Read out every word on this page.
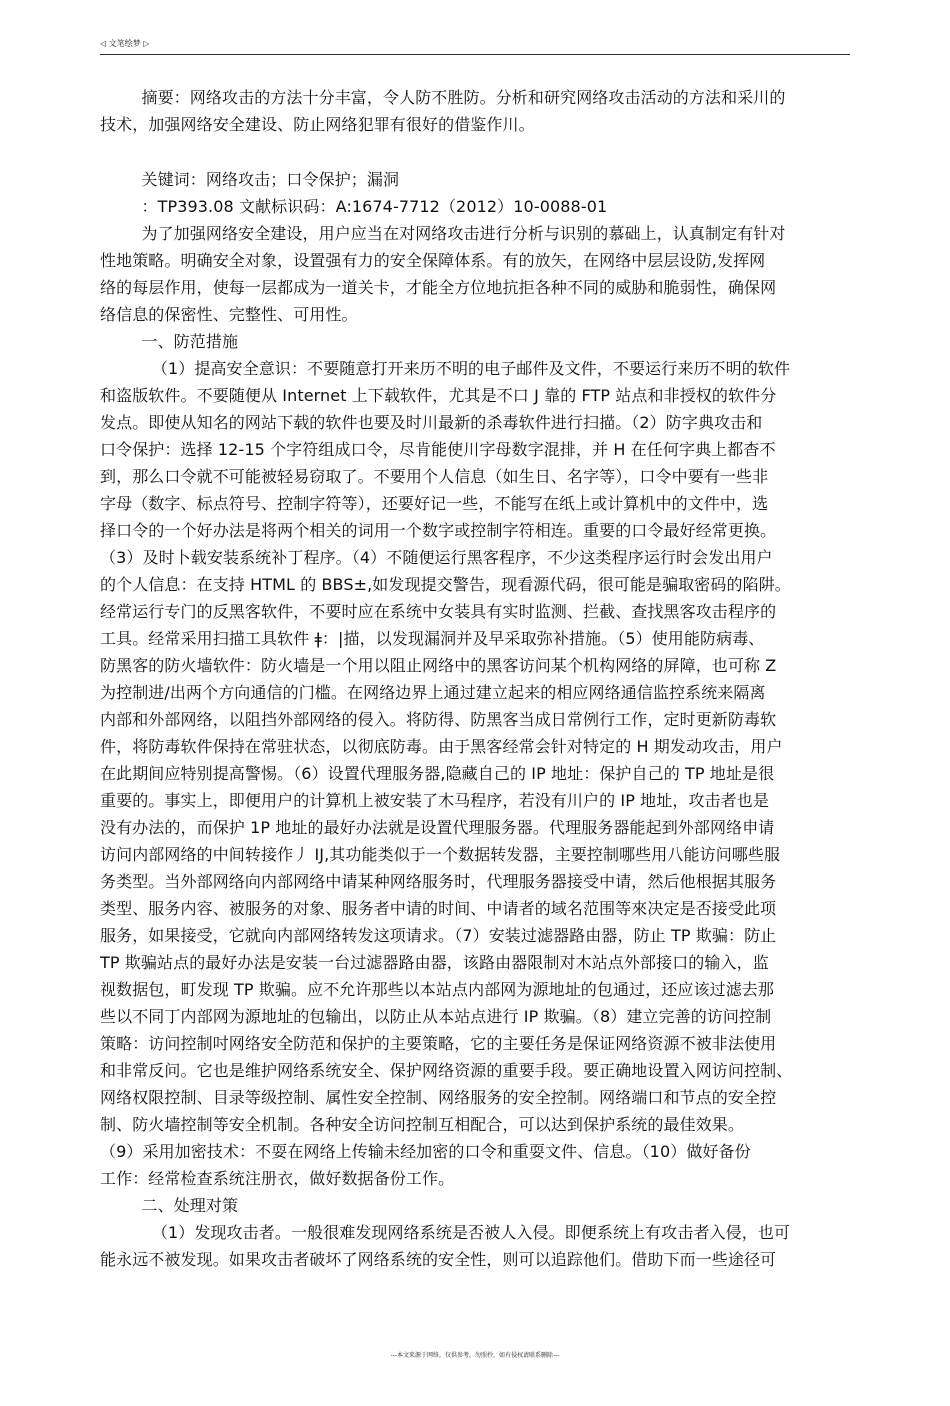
◁ 文笔绘梦 ▷

摘要：网络攻击的方法十分丰富，令人防不胜防。分析和研究网络攻击活动的方法和采川的

技术，加强网络安全建设、防止网络犯罪有很好的借鉴作川。

关键词：网络攻击；口令保护；漏洞

：TP393.08 文献标识码：A:1674-7712（2012）10-0088-01

为了加强网络安全建设，用户应当在对网络攻击进行分析与识别的慕础上，认真制定有针对

性地策略。明确安全对象，设置强有力的安全保障体系。有的放矢，在网络中层层设防,发挥网

络的每层作用，使每一层都成为一道关卡，才能全方位地抗拒各种不同的威胁和脆弱性，确保网

络信息的保密性、完整性、可用性。

一、防范措施

（1）提高安全意识：不要随意打开来历不明的电子邮件及文件，不要运行来历不明的软件

和盗版软件。不要随便从 Internet 上下载软件，尤其是不口 J 靠的 FTP 站点和非授权的软件分

发点。即使从知名的网站下载的软件也要及时川最新的杀毒软件进行扫描。（2）防字典攻击和

口令保护：选择 12-15 个字符组成口令，尽肯能使川字母数字混排，并 H 在任何字典上都杳不

到，那么口令就不可能被轻易窃取了。不要用个人信息（如生日、名字等），口令中要有一些非

字母（数字、标点符号、控制字符等），还要好记一些，不能写在纸上或计算机中的文件中，选

择口令的一个好办法是将两个相关的词用一个数字或控制字符相连。重要的口令最好经常更换。

（3）及时卜载安装系统补丁程序。（4）不随便运行黑客程序，不少这类程序运行时会发出用户

的个人信息：在支持 HTML 的 BBS±,如发现提交警告，现看源代码，很可能是骗取密码的陷阱。

经常运行专门的反黑客软件，不要时应在系统中女装具有实时监测、拦截、查找黑客攻击程序的

工具。经常采用扫描工具软件 ǂ：|描，以发现漏洞并及早采取弥补措施。（5）使用能防病毒、

防黑客的防火墙软件：防火墙是一个用以阻止网络中的黑客访问某个机构网络的屏障，也可称 Z

为控制进/出两个方向通信的门槛。在网络边界上通过建立起来的相应网络通信监控系统来隔离

内部和外部网络，以阻挡外部网络的侵入。将防得、防黑客当成日常例行工作，定时更新防毒软

件，将防毒软件保持在常驻状态，以彻底防毒。由于黑客经常会针对特定的 H 期发动攻击，用户

在此期间应特别提高警惕。（6）设置代理服务器,隐藏自己的 IP 地址：保护自己的 TP 地址是很

重要的。事实上，即便用户的计算机上被安装了木马程序，若没有川户的 IP 地址，攻击者也是

没有办法的，而保护 1P 地址的最好办法就是设置代理服务器。代理服务器能起到外部网络申请

访问内部网络的中间转接作丿 IJ,其功能类似于一个数据转发器，主要控制哪些用八能访问哪些服

务类型。当外部网络向内部网络中请某种网络服务时，代理服务器接受中请，然后他根据其服务

类型、服务内容、被服务的对象、服务者中请的时间、中请者的域名范围等來决定是否接受此项

服务，如果接受，它就向内部网络转发这项请求。（7）安装过滤器路由器，防止 TP 欺骗：防止

TP 欺骗站点的最好办法是安装一台过滤器路由器，该路由器限制对木站点外部接口的输入，监

视数据包，町发现 TP 欺骗。应不允许那些以本站点内部网为源地址的包通过，还应该过滤去那

些以不同丁内部网为源地址的包输出，以防止从本站点进行 IP 欺骗。（8）建立完善的访问控制

策略：访问控制吋网络安全防范和保护的主要策略，它的主要任务是保证网络资源不被非法使用

和非常反问。它也是维护网络系统安全、保护网络资源的重要手段。要正确地设置入网访问控制、

网络权限控制、目录等级控制、属性安全控制、网络服务的安全控制。网络端口和节点的安全控

制、防火墙控制等安全机制。各种安全访问控制互相配合，可以达到保护系统的最佳效果。

（9）采用加密技术：不耍在网络上传输未经加密的口令和重耍文件、信息。（10）做好备份

工作：经常检查系统注册衣，做好数据备份工作。

二、处理对策

（1）发现攻击者。一般很难发现网络系统是否被人入侵。即便系统上有攻击者入侵，也可

能永远不被发现。如果攻击者破坏了网络系统的安全性，则可以追踪他们。借助下而一些途径可

---本文来源于网络，仅供参考，勿照抄，如有侵权请联系删除---
